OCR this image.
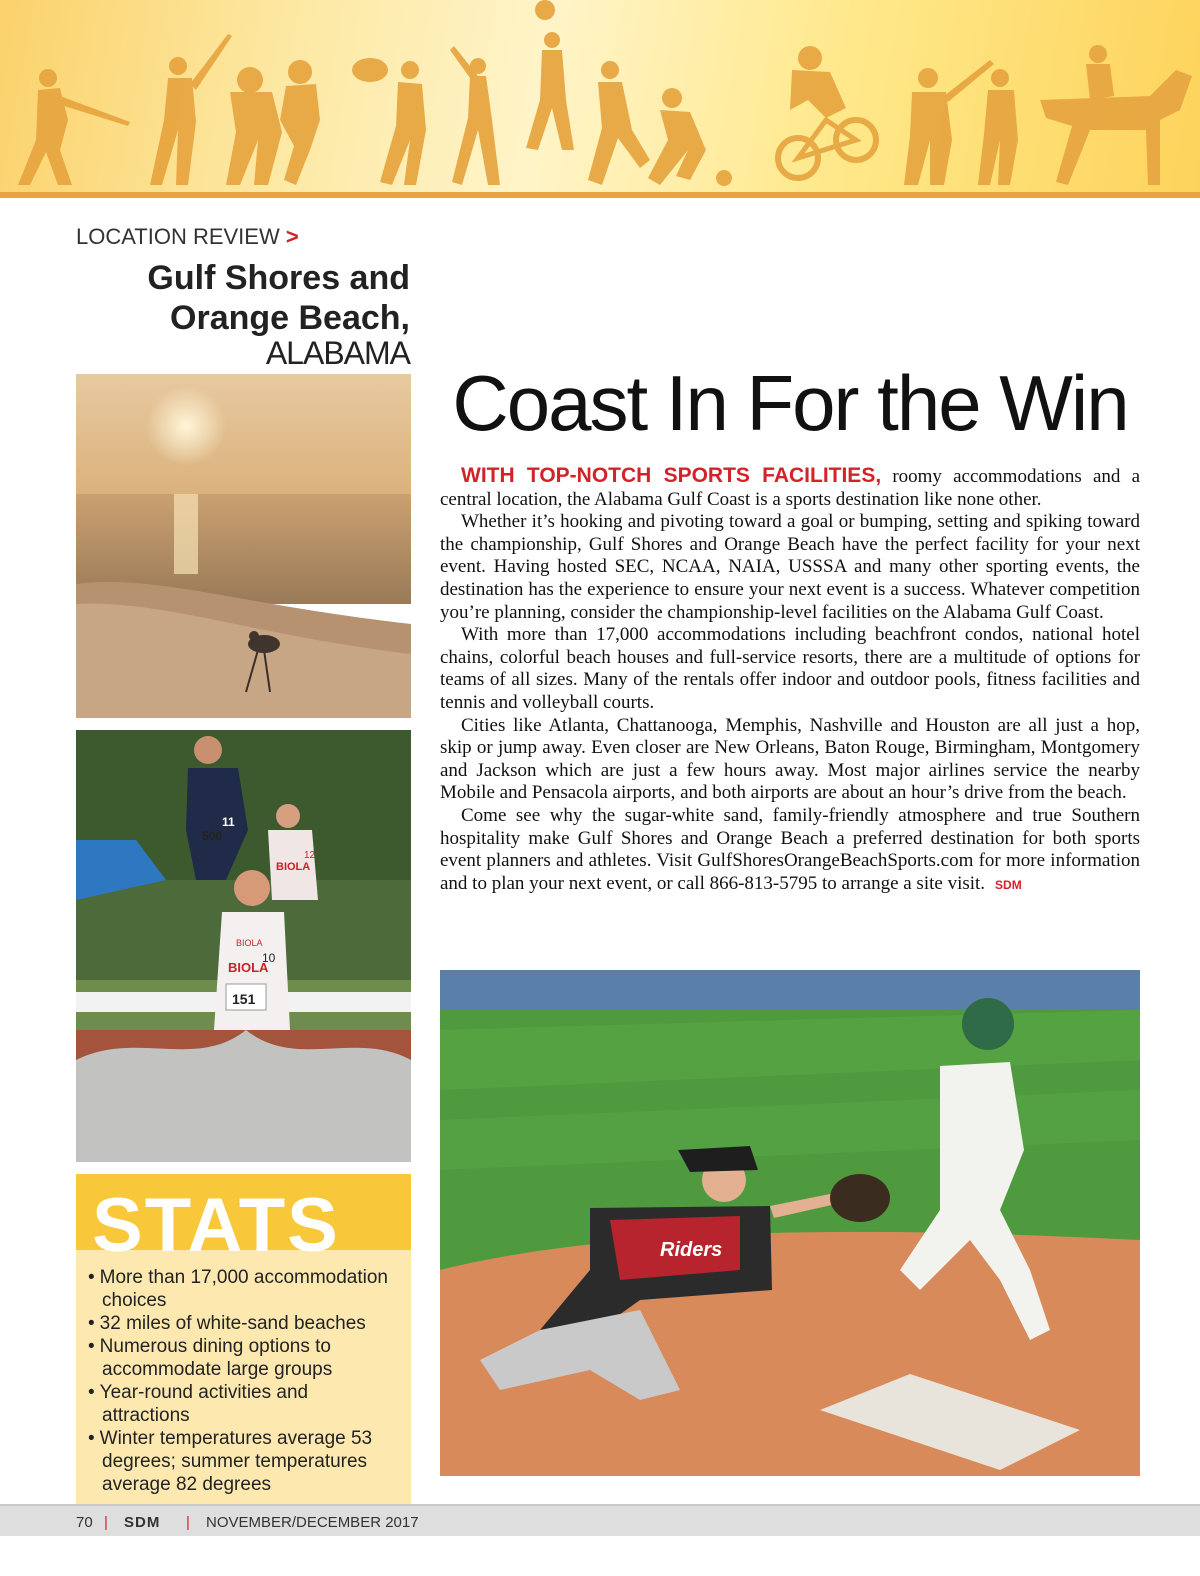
LOCATION REVIEW >
Gulf Shores and
Orange Beach,
ALABAMA
500
11
BIOLA
12
BIOLA
10
151
BIOLA
Coast In For the Win

WITH TOP-NOTCH SPORTS FACILITIES, roomy accommodations and a central location, the Alabama Gulf Coast is a sports destination like none other.

Whether it’s hooking and pivoting toward a goal or bumping, setting and spiking toward the championship, Gulf Shores and Orange Beach have the perfect facility for your next event. Having hosted SEC, NCAA, NAIA, USSSA and many other sporting events, the destination has the experience to ensure your next event is a success. Whatever competition you’re planning, consider the championship-level facilities on the Alabama Gulf Coast.

With more than 17,000 accommodations including beachfront condos, national hotel chains, colorful beach houses and full-service resorts, there are a multitude of options for teams of all sizes. Many of the rentals offer indoor and outdoor pools, fitness facilities and tennis and volleyball courts.

Cities like Atlanta, Chattanooga, Memphis, Nashville and Houston are all just a hop, skip or jump away. Even closer are New Orleans, Baton Rouge, Birmingham, Montgomery and Jackson which are just a few hours away. Most major airlines service the nearby Mobile and Pensacola airports, and both airports are about an hour’s drive from the beach.

Come see why the sugar-white sand, family-friendly atmosphere and true Southern hospitality make Gulf Shores and Orange Beach a preferred destination for both sports event planners and athletes. Visit GulfShoresOrangeBeachSports.com for more information and to plan your next event, or call 866-813-5795 to arrange a site visit. SDM

Riders
STATS
• More than 17,000 accommodation choices
• 32 miles of white-sand beaches
• Numerous dining options to accommodate large groups
• Year-round activities and attractions
• Winter temperatures average 53 degrees; summer temperatures average 82 degrees
70 | SDM | NOVEMBER/DECEMBER 2017
